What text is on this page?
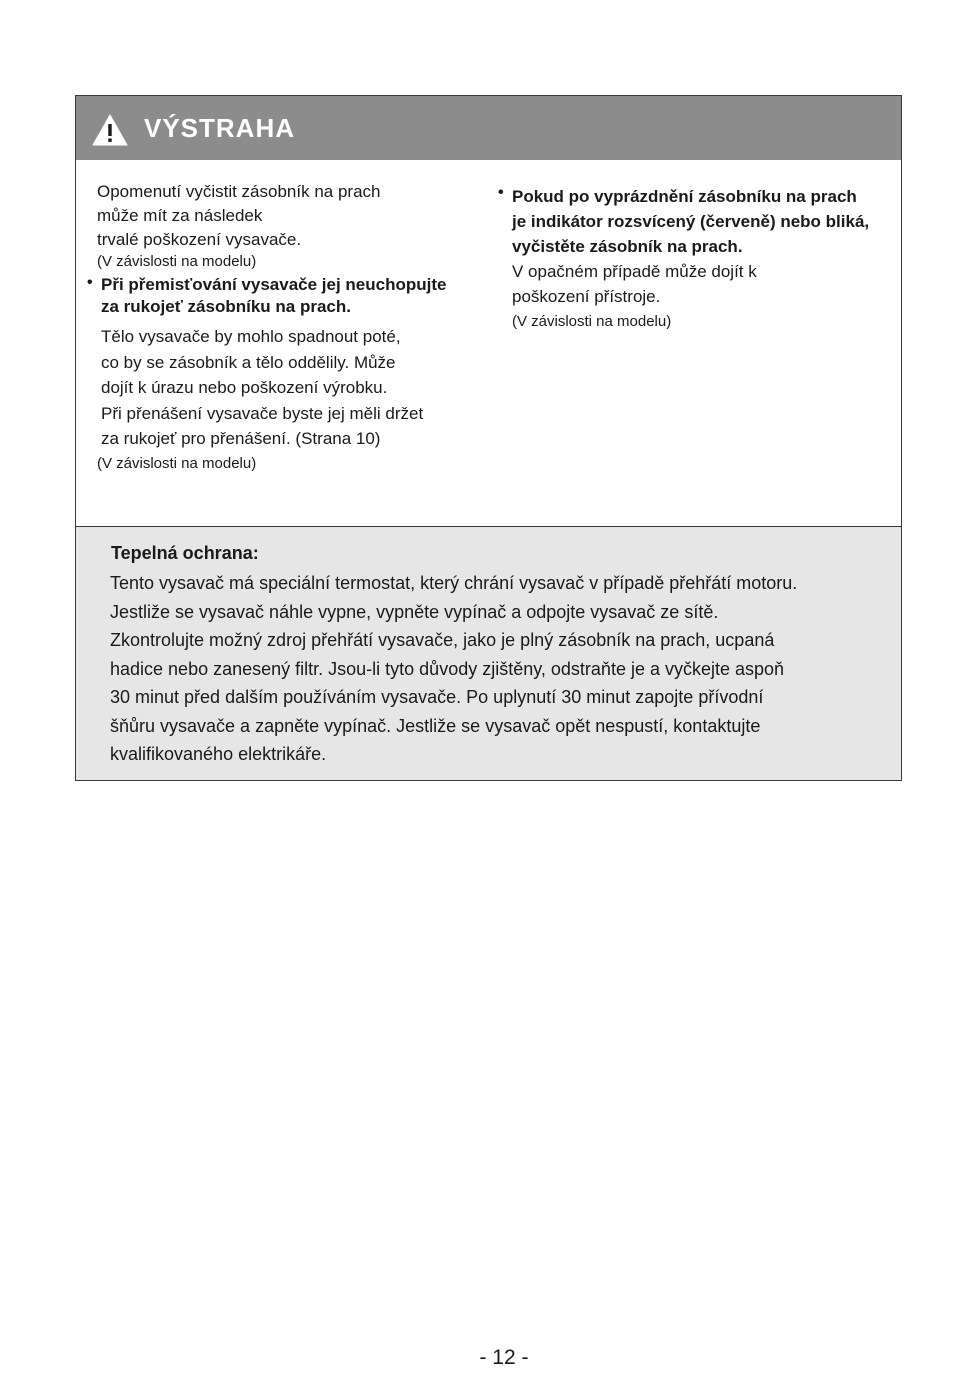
VÝSTRAHA

Opomenutí vyčistit zásobník na prach
může mít za následek
trvalé poškození vysavače.

(V závislosti na modelu)

• Při přemisťování vysavače jej neuchopujte za rukojeť zásobníku na prach.

Tělo vysavače by mohlo spadnout poté,
co by se zásobník a tělo oddělily. Může
dojít k úrazu nebo poškození výrobku.
Při přenášení vysavače byste jej měli držet
za rukojeť pro přenášení. (Strana 10)

(V závislosti na modelu)

• Pokud po vyprázdnění zásobníku na prach je indikátor rozsvícený (červeně) nebo bliká, vyčistěte zásobník na prach.

V opačném případě může dojít k
poškození přístroje.

(V závislosti na modelu)

Tepelná ochrana:
Tento vysavač má speciální termostat, který chrání vysavač v případě přehřátí motoru.
Jestliže se vysavač náhle vypne, vypněte vypínač a odpojte vysavač ze sítě.
Zkontrolujte možný zdroj přehřátí vysavače, jako je plný zásobník na prach, ucpaná
hadice nebo zanesený filtr. Jsou-li tyto důvody zjištěny, odstraňte je a vyčkejte aspoň
30 minut před dalším používáním vysavače. Po uplynutí 30 minut zapojte přívodní
šňůru vysavače a zapněte vypínač. Jestliže se vysavač opět nespustí, kontaktujte
kvalifikovaného elektrikáře.
- 12 -
